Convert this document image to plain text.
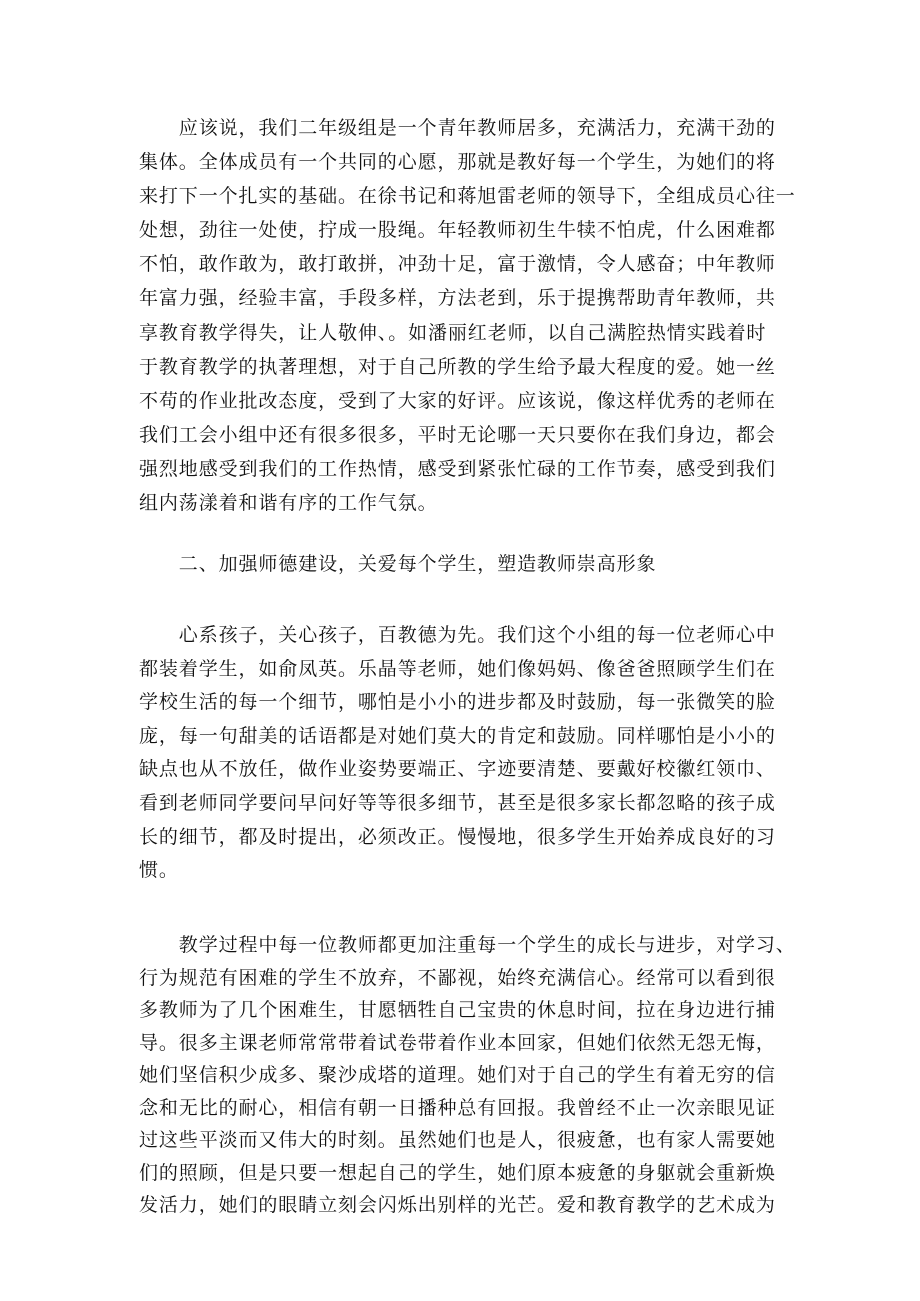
　　应该说，我们二年级组是一个青年教师居多，充满活力，充满干劲的
集体。全体成员有一个共同的心愿，那就是教好每一个学生，为她们的将
来打下一个扎实的基础。在徐书记和蒋旭雷老师的领导下，全组成员心往一
处想，劲往一处使，拧成一股绳。年轻教师初生牛犊不怕虎，什么困难都
不怕，敢作敢为，敢打敢拼，冲劲十足，富于激情，令人感奋；中年教师
年富力强，经验丰富，手段多样，方法老到，乐于提携帮助青年教师，共
享教育教学得失，让人敬伸、。如潘丽红老师，以自己满腔热情实践着时
于教育教学的执著理想，对于自己所教的学生给予最大程度的爱。她一丝
不苟的作业批改态度，受到了大家的好评。应该说，像这样优秀的老师在
我们工会小组中还有很多很多，平时无论哪一天只要你在我们身边，都会
强烈地感受到我们的工作热情，感受到紧张忙碌的工作节奏，感受到我们
组内荡漾着和谐有序的工作气氛。
　　二、加强师德建设，关爱每个学生，塑造教师崇高形象
　　心系孩子，关心孩子，百教德为先。我们这个小组的每一位老师心中
都装着学生，如俞凤英。乐晶等老师，她们像妈妈、像爸爸照顾学生们在
学校生活的每一个细节，哪怕是小小的进步都及时鼓励，每一张微笑的脸
庞，每一句甜美的话语都是对她们莫大的肯定和鼓励。同样哪怕是小小的
缺点也从不放任，做作业姿势要端正、字迹要清楚、要戴好校徽红领巾、
看到老师同学要问早问好等等很多细节，甚至是很多家长都忽略的孩子成
长的细节，都及时提出，必须改正。慢慢地，很多学生开始养成良好的习
惯。
　　教学过程中每一位教师都更加注重每一个学生的成长与进步，对学习、
行为规范有困难的学生不放弃，不鄙视，始终充满信心。经常可以看到很
多教师为了几个困难生，甘愿牺牲自己宝贵的休息时间，拉在身边进行捕
导。很多主课老师常常带着试卷带着作业本回家，但她们依然无怨无悔，
她们坚信积少成多、聚沙成塔的道理。她们对于自己的学生有着无穷的信
念和无比的耐心，相信有朝一日播种总有回报。我曾经不止一次亲眼见证
过这些平淡而又伟大的时刻。虽然她们也是人，很疲惫，也有家人需要她
们的照顾，但是只要一想起自己的学生，她们原本疲惫的身躯就会重新焕
发活力，她们的眼睛立刻会闪烁出别样的光芒。爱和教育教学的艺术成为
